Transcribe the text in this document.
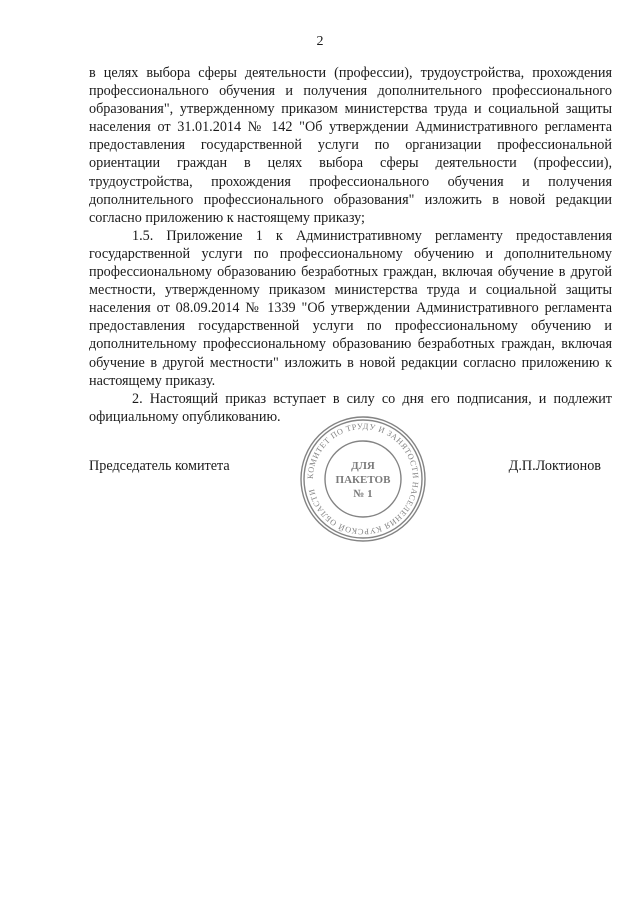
2

в целях выбора сферы деятельности (профессии), трудоустройства, прохождения профессионального обучения и получения дополнительного профессионального образования", утвержденному приказом министерства труда и социальной защиты населения от 31.01.2014 № 142 "Об утверждении Административного регламента предоставления государственной услуги по организации профессиональной ориентации граждан в целях выбора сферы деятельности (профессии), трудоустройства, прохождения профессионального обучения и получения дополнительного профессионального образования" изложить в новой редакции согласно приложению к настоящему приказу;

1.5. Приложение 1 к Административному регламенту предоставления государственной услуги по профессиональному обучению и дополнительному профессиональному образованию безработных граждан, включая обучение в другой местности, утвержденному приказом министерства труда и социальной защиты населения от 08.09.2014 № 1339 "Об утверждении Административного регламента предоставления государственной услуги по профессиональному обучению и дополнительному профессиональному образованию безработных граждан, включая обучение в другой местности" изложить в новой редакции согласно приложению к настоящему приказу.

2. Настоящий приказ вступает в силу со дня его подписания, и подлежит официальному опубликованию.

Председатель комитета	Д.П.Локтионов
КОМИТЕТ ПО ТРУДУ И ЗАНЯТОСТИ НАСЕЛЕНИЯ КУРСКОЙ ОБЛАСТИ
ДЛЯ
ПАКЕТОВ
№ 1
